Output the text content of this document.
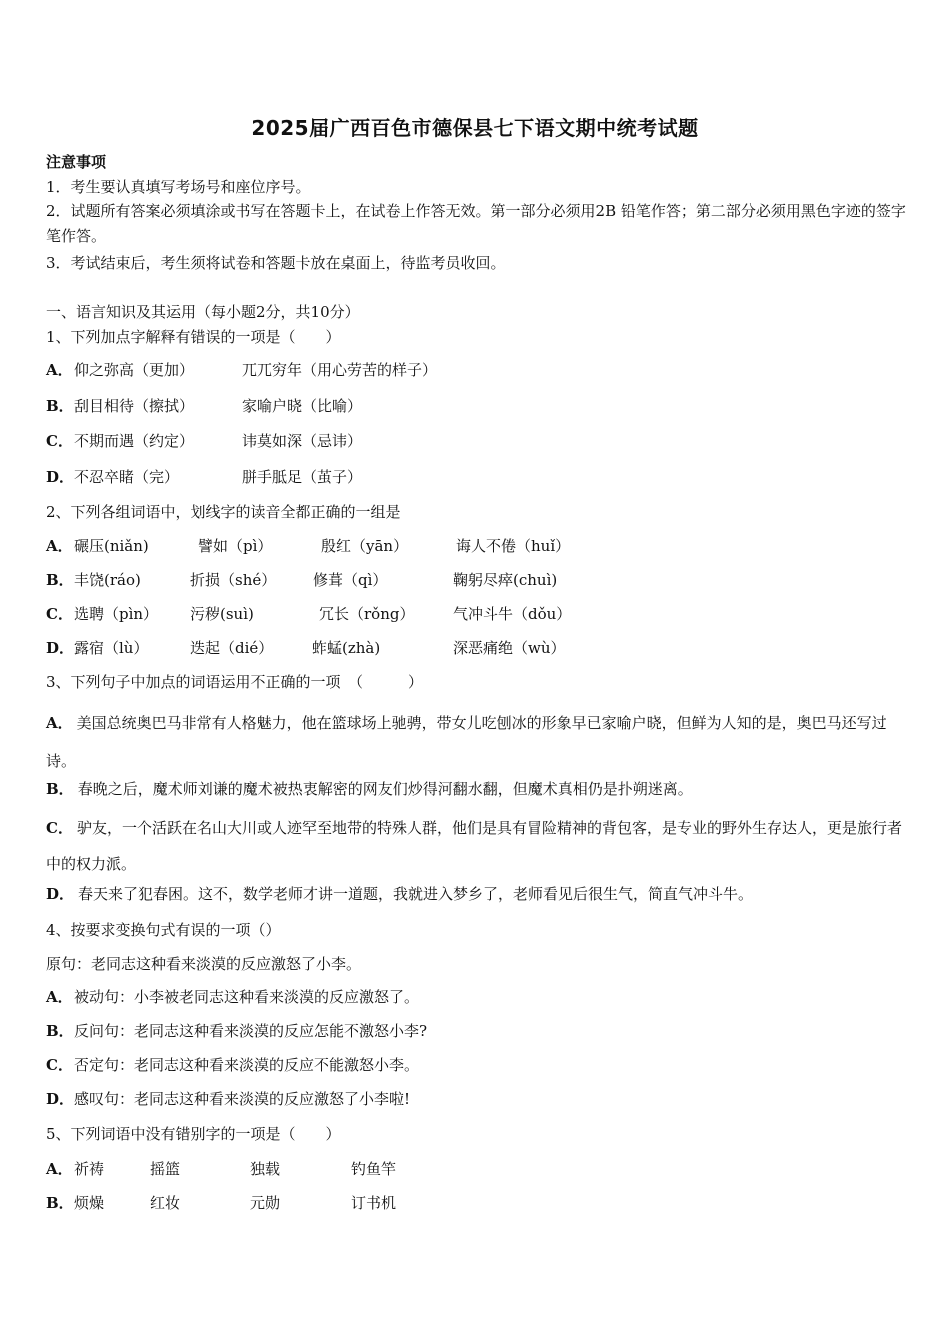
2025届广西百色市德保县七下语文期中统考试题
注意事项
1．考生要认真填写考场号和座位序号。
2．试题所有答案必须填涂或书写在答题卡上，在试卷上作答无效。第一部分必须用2B 铅笔作答；第二部分必须用黑色字迹的签字笔作答。
3．考试结束后，考生须将试卷和答题卡放在桌面上，待监考员收回。
一、语言知识及其运用（每小题2分，共10分）
1、下列加点字解释有错误的一项是（　　）
A． 仰之弥高（更加）	兀兀穷年（用心劳苦的样子）
B． 刮目相待（擦拭）	家喻户晓（比喻）
C． 不期而遇（约定）	讳莫如深（忌讳）
D． 不忍卒睹（完）	胼手胝足（茧子）
2、下列各组词语中，划线字的读音全都正确的一组是
A． 碾压(niǎn)	譬如（pì）	殷红（yān）	诲人不倦（huǐ）
B． 丰饶(ráo)	折损（shé） 修葺（qì）	鞠躬尽瘁(chuì)
C． 选聘（pìn） 污秽(suì)	冗长（rǒng）	气冲斗牛（dǒu）
D． 露宿（lù）	迭起（dié）	蚱蜢(zhà)	深恶痛绝（wù）
3、下列句子中加点的词语运用不正确的一项　（　　　）
A． 美国总统奥巴马非常有人格魅力，他在篮球场上驰骋，带女儿吃刨冰的形象早已家喻户晓，但鲜为人知的是，奥巴马还写过诗。
B． 春晚之后，魔术师刘谦的魔术被热衷解密的网友们炒得河翻水翻，但魔术真相仍是扑朔迷离。
C． 驴友，一个活跃在名山大川或人迹罕至地带的特殊人群，他们是具有冒险精神的背包客，是专业的野外生存达人，更是旅行者中的权力派。
D． 春天来了犯春困。这不，数学老师才讲一道题，我就进入梦乡了，老师看见后很生气，简直气冲斗牛。
4、按要求变换句式有误的一项（）
原句：老同志这种看来淡漠的反应激怒了小李。
A．被动句：小李被老同志这种看来淡漠的反应激怒了。
B．反问句：老同志这种看来淡漠的反应怎能不激怒小李?
C．否定句：老同志这种看来淡漠的反应不能激怒小李。
D．感叹句：老同志这种看来淡漠的反应激怒了小李啦!
5、下列词语中没有错别字的一项是（　　）
A． 祈祷	摇篮	独载	钓鱼竿
B． 烦燥	红妆	元勋	订书机
